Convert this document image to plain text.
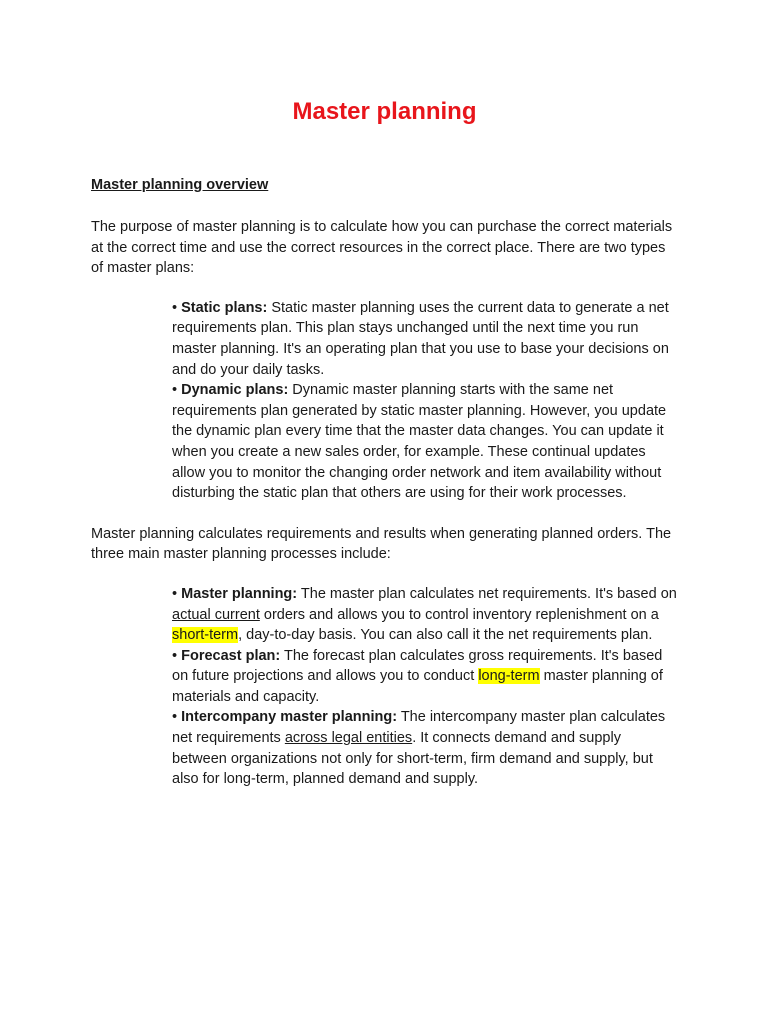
Master planning
Master planning overview

The purpose of master planning is to calculate how you can purchase the correct materials at the correct time and use the correct resources in the correct place. There are two types of master plans:

• Static plans: Static master planning uses the current data to generate a net requirements plan. This plan stays unchanged until the next time you run master planning. It's an operating plan that you use to base your decisions on and do your daily tasks.
• Dynamic plans: Dynamic master planning starts with the same net requirements plan generated by static master planning. However, you update the dynamic plan every time that the master data changes. You can update it when you create a new sales order, for example. These continual updates allow you to monitor the changing order network and item availability without disturbing the static plan that others are using for their work processes.

Master planning calculates requirements and results when generating planned orders. The three main master planning processes include:

• Master planning: The master plan calculates net requirements. It's based on actual current orders and allows you to control inventory replenishment on a short-term, day-to-day basis. You can also call it the net requirements plan.
• Forecast plan: The forecast plan calculates gross requirements. It's based on future projections and allows you to conduct long-term master planning of materials and capacity.
• Intercompany master planning: The intercompany master plan calculates net requirements across legal entities. It connects demand and supply between organizations not only for short-term, firm demand and supply, but also for long-term, planned demand and supply.
